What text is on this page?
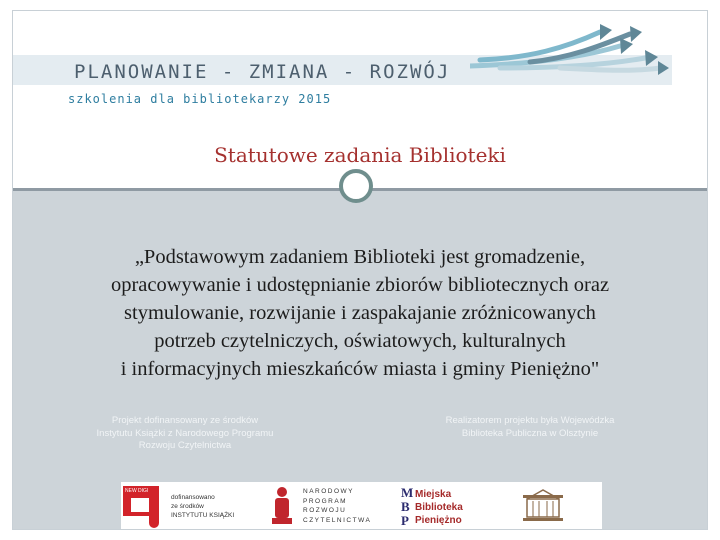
PLANOWANIE - ZMIANA - ROZWÓJ
szkolenia dla bibliotekarzy 2015
Statutowe zadania Biblioteki
„Podstawowym zadaniem Biblioteki jest gromadzenie,
opracowywanie i udostępnianie zbiorów bibliotecznych oraz
stymulowanie, rozwijanie i zaspakajanie zróżnicowanych
potrzeb czytelniczych, oświatowych, kulturalnych
i informacyjnych mieszkańców miasta i gminy Pieniężno"
Projekt dofinansowany ze środków
Instytutu Książki z Narodowego Programu
Rozwoju Czytelnictwa
Realizatorem projektu była Wojewódzka
Biblioteka Publiczna w Olsztynie
NEW DIGI
dofinansowano
ze środków
INSTYTUTU KSIĄŻKI
NARODOWY
PROGRAM
ROZWOJU
CZYTELNICTWA
M
B
P
Miejska
Biblioteka
Pieniężno
